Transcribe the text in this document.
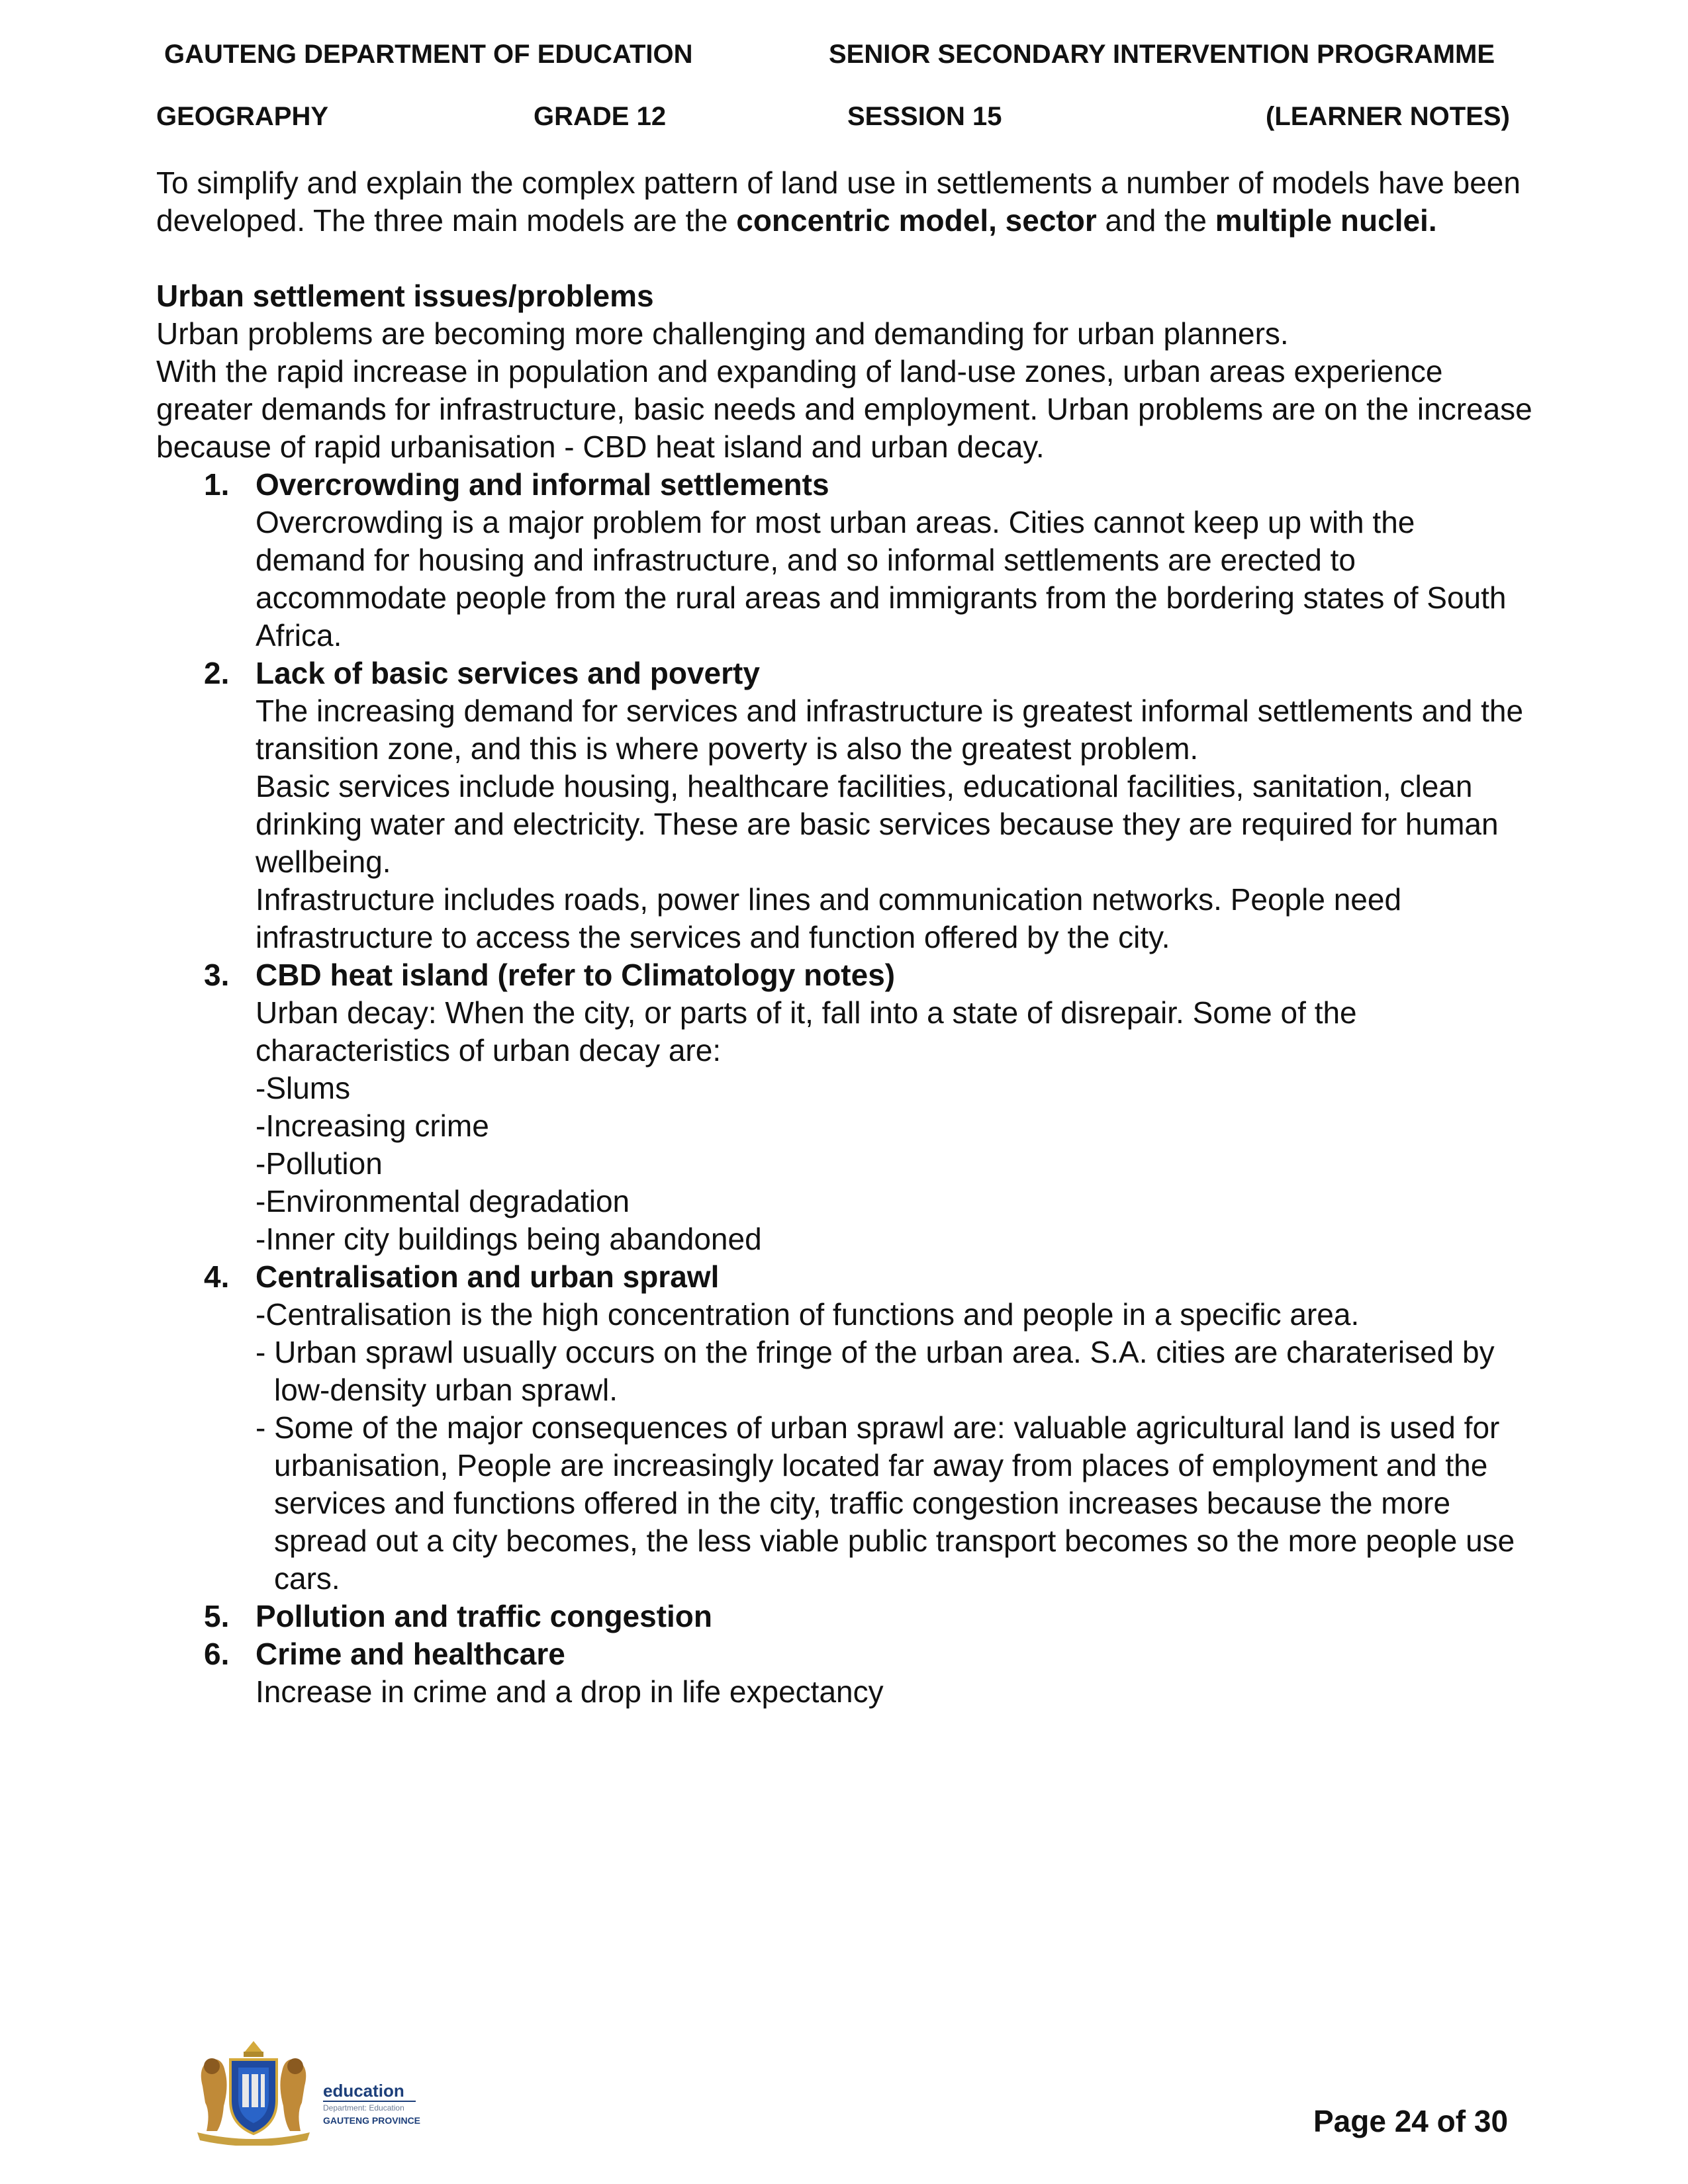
GAUTENG DEPARTMENT OF EDUCATION	SENIOR SECONDARY INTERVENTION PROGRAMME
GEOGRAPHY	GRADE 12	SESSION 15	(LEARNER NOTES)

To simplify and explain the complex pattern of land use in settlements a number of models have been developed. The three main models are the concentric model, sector and the multiple nuclei.

Urban settlement issues/problems

Urban problems are becoming more challenging and demanding for urban planners.

With the rapid increase in population and expanding of land-use zones, urban areas experience greater demands for infrastructure, basic needs and employment. Urban problems are on the increase because of rapid urbanisation - CBD heat island and urban decay.

1. Overcrowding and informal settlements

Overcrowding is a major problem for most urban areas. Cities cannot keep up with the demand for housing and infrastructure, and so informal settlements are erected to accommodate people from the rural areas and immigrants from the bordering states of South Africa.

2. Lack of basic services and poverty

The increasing demand for services and infrastructure is greatest informal settlements and the transition zone, and this is where poverty is also the greatest problem.

Basic services include housing, healthcare facilities, educational facilities, sanitation, clean drinking water and electricity. These are basic services because they are required for human wellbeing.

Infrastructure includes roads, power lines and communication networks. People need infrastructure to access the services and function offered by the city.

3. CBD heat island (refer to Climatology notes)

Urban decay: When the city, or parts of it, fall into a state of disrepair. Some of the characteristics of urban decay are:

-Slums

-Increasing crime

-Pollution

-Environmental degradation

-Inner city buildings being abandoned

4. Centralisation and urban sprawl

-Centralisation is the high concentration of functions and people in a specific area.

- Urban sprawl usually occurs on the fringe of the urban area. S.A. cities are charaterised by low-density urban sprawl.

- Some of the major consequences of urban sprawl are: valuable agricultural land is used for urbanisation, People are increasingly located far away from places of employment and the services and functions offered in the city, traffic congestion increases because the more spread out a city becomes, the less viable public transport becomes so the more people use cars.

5. Pollution and traffic congestion

6. Crime and healthcare

Increase in crime and a drop in life expectancy

education
Department: Education
GAUTENG PROVINCE	Page 24 of 30
